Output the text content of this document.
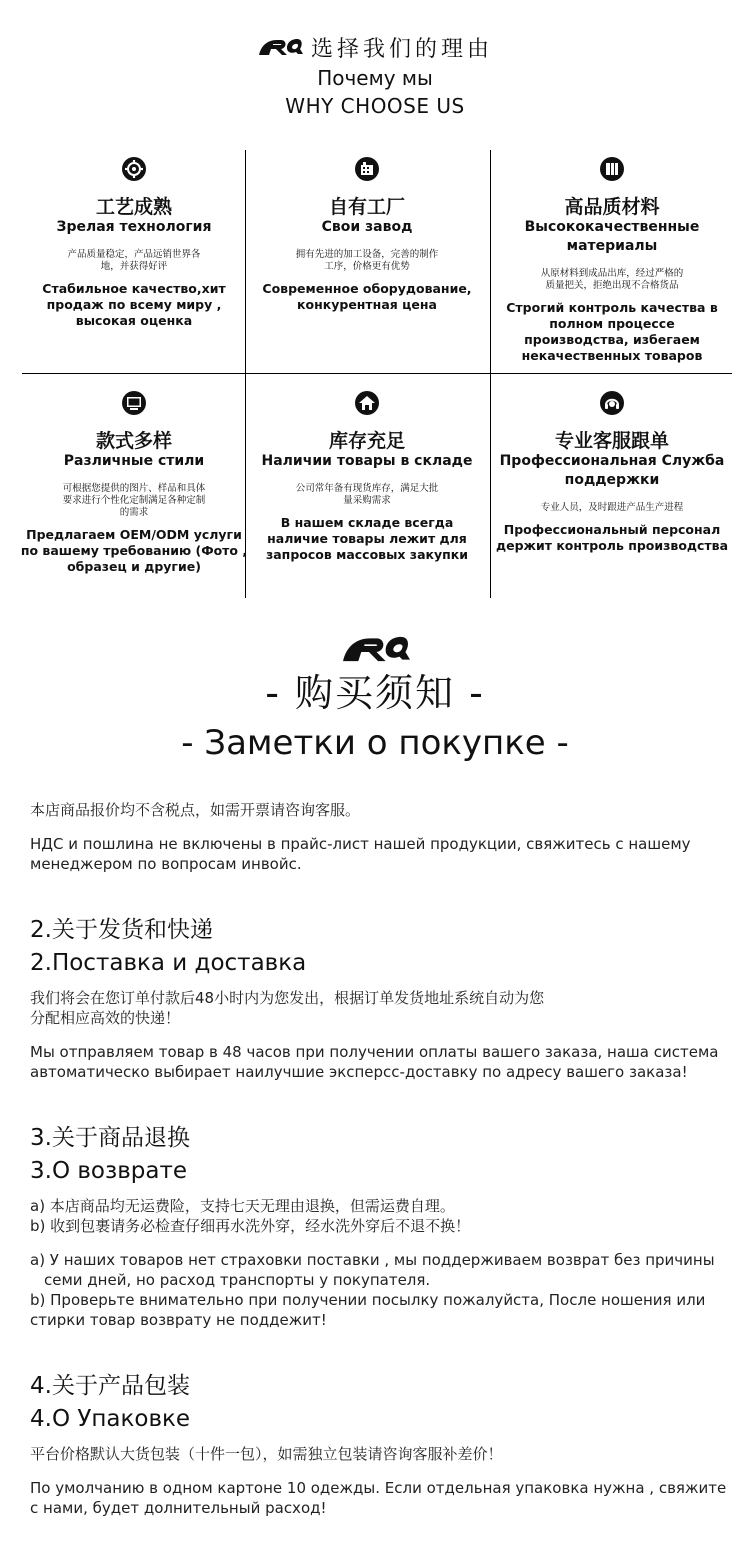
选择我们的理由
Почему мы
WHY CHOOSE US
工艺成熟
Зрелая технология
产品质量稳定，产品远销世界各地，并获得好评
Стабильное качество,хит продаж по всему миру , высокая оценка
自有工厂
Свои завод
拥有先进的加工设备，完善的制作工序，价格更有优势
Современное оборудование, конкурентная цена
高品质材料
Высококачественные материалы
从原材料到成品出库，经过严格的质量把关，拒绝出现不合格货品
Строгий контроль качества в полном процессе производства, избегаем некачественных товаров
款式多样
Различные стили
可根据您提供的图片、样品和具体要求进行个性化定制满足各种定制的需求
Предлагаем OEM/ODM услуги по вашему требованию (Фото , образец и другие)
库存充足
Наличии товары в складе
公司常年备有现货库存，满足大批量采购需求
В нашем складе всегда наличие товары лежит для запросов массовых закупки
专业客服跟单
Профессиональная Служба поддержки
专业人员，及时跟进产品生产进程
Профессиональный персонал держит контроль производства
- 购买须知 -
- Заметки о покупке -

本店商品报价均不含税点，如需开票请咨询客服。

НДС и пошлина не включены в прайс-лист нашей продукции, свяжитесь с нашему менеджером по вопросам инвойс.

2.关于发货和快递

2.Поставка и доставка

我们将会在您订单付款后48小时内为您发出，根据订单发货地址系统自动为您分配相应高效的快递！

Мы отправляем товар в 48 часов при получении оплаты вашего заказа, наша система автоматическо выбирает наилучшие эксперсс-доставку по адресу вашего заказа!

3.关于商品退换

3.О возврате

a) 本店商品均无运费险，支持七天无理由退换，但需运费自理。

b) 收到包裹请务必检查仔细再水洗外穿，经水洗外穿后不退不换！

a) У наших товаров нет страховки поставки , мы поддерживаем возврат без причины

семи дней, но расход транспорты у покупателя.

b) Проверьте внимательно при получении посылку пожалуйста, После ношения или стирки товар возврату не поддежит!

4.关于产品包装

4.О Упаковке

平台价格默认大货包装（十件一包），如需独立包装请咨询客服补差价！

По умолчанию в одном картоне 10 одежды. Если отдельная упаковка нужна , свяжите с нами, будет долнительный расход!
